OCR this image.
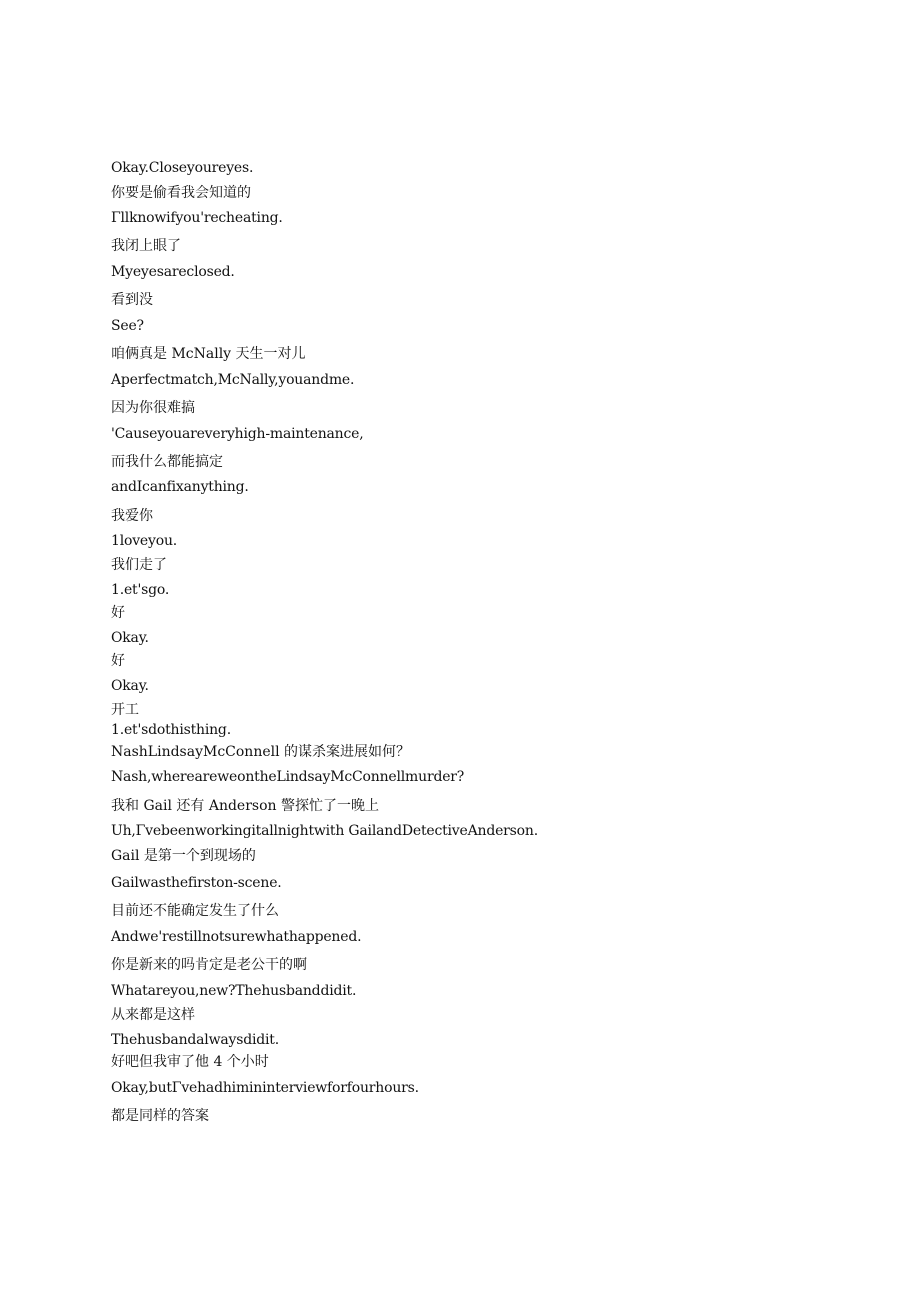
Okay.Closeyoureyes.
你要是偷看我会知道的
Γllknowifyou'recheating.
我闭上眼了
Myeyesareclosed.
看到没
See?
咱俩真是 McNally 天生一对儿
Aperfectmatch,McNally,youandme.
因为你很难搞
'Causeyouareveryhigh-maintenance,
而我什么都能搞定
andIcanfixanything.
我爱你
1loveyou.
我们走了
1.et'sgo.
好
Okay.
好
Okay.
开工
1.et'sdothisthing.
NashLindsayMcConnell 的谋杀案进展如何？
Nash,whereareweontheLindsayMcConnellmurder?
我和 Gail 还有 Anderson 警探忙了一晚上
Uh,Γvebeenworkingitallnightwith GailandDetectiveAnderson.
Gail 是第一个到现场的
Gailwasthefirston-scene.
目前还不能确定发生了什么
Andwe'restillnotsurewhathappened.
你是新来的吗肯定是老公干的啊
Whatareyou,new?Thehusbanddidit.
从来都是这样
Thehusbandalwaysdidit.
好吧但我审了他 4 个小时
Okay,butΓvehadhimininterviewforfourhours.
都是同样的答案
